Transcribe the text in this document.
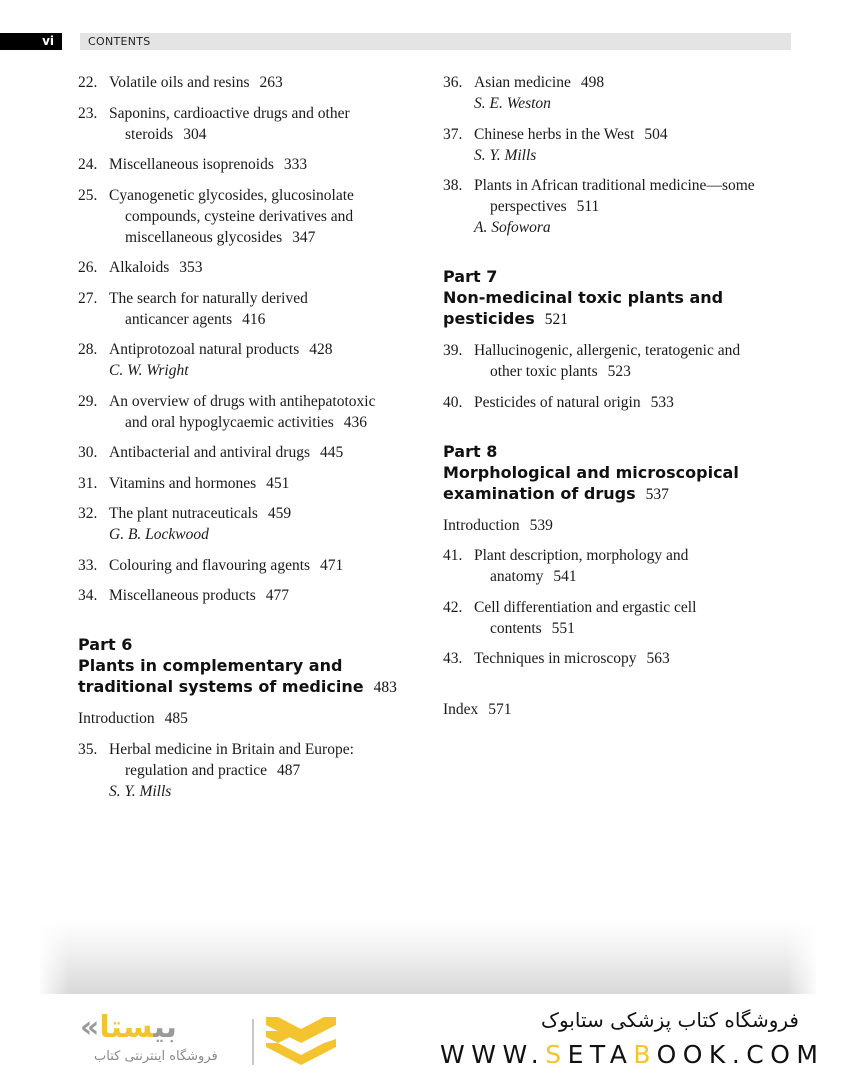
vi	CONTENTS
22. Volatile oils and resins 263
23. Saponins, cardioactive drugs and other
steroids 304
24. Miscellaneous isoprenoids 333
25. Cyanogenetic glycosides, glucosinolate
compounds, cysteine derivatives and
miscellaneous glycosides 347
26. Alkaloids 353
27. The search for naturally derived
anticancer agents 416
28. Antiprotozoal natural products 428
C. W. Wright
29. An overview of drugs with antihepatotoxic
and oral hypoglycaemic activities 436
30. Antibacterial and antiviral drugs 445
31. Vitamins and hormones 451
32. The plant nutraceuticals 459
G. B. Lockwood
33. Colouring and flavouring agents 471
34. Miscellaneous products 477
Part 6
Plants in complementary and
traditional systems of medicine 483
Introduction 485
35. Herbal medicine in Britain and Europe:
regulation and practice 487
S. Y. Mills
36. Asian medicine 498
S. E. Weston
37. Chinese herbs in the West 504
S. Y. Mills
38. Plants in African traditional medicine—some
perspectives 511
A. Sofowora
Part 7
Non-medicinal toxic plants and
pesticides 521
39. Hallucinogenic, allergenic, teratogenic and
other toxic plants 523
40. Pesticides of natural origin 533
Part 8
Morphological and microscopical
examination of drugs 537
Introduction 539
41. Plant description, morphology and
anatomy 541
42. Cell differentiation and ergastic cell
contents 551
43. Techniques in microscopy 563
Index 571
«بیستا
فروشگاه اینترنتی کتاب
فروشگاه کتاب پزشکی ستابوک
WWW.SETABOOK.COM
